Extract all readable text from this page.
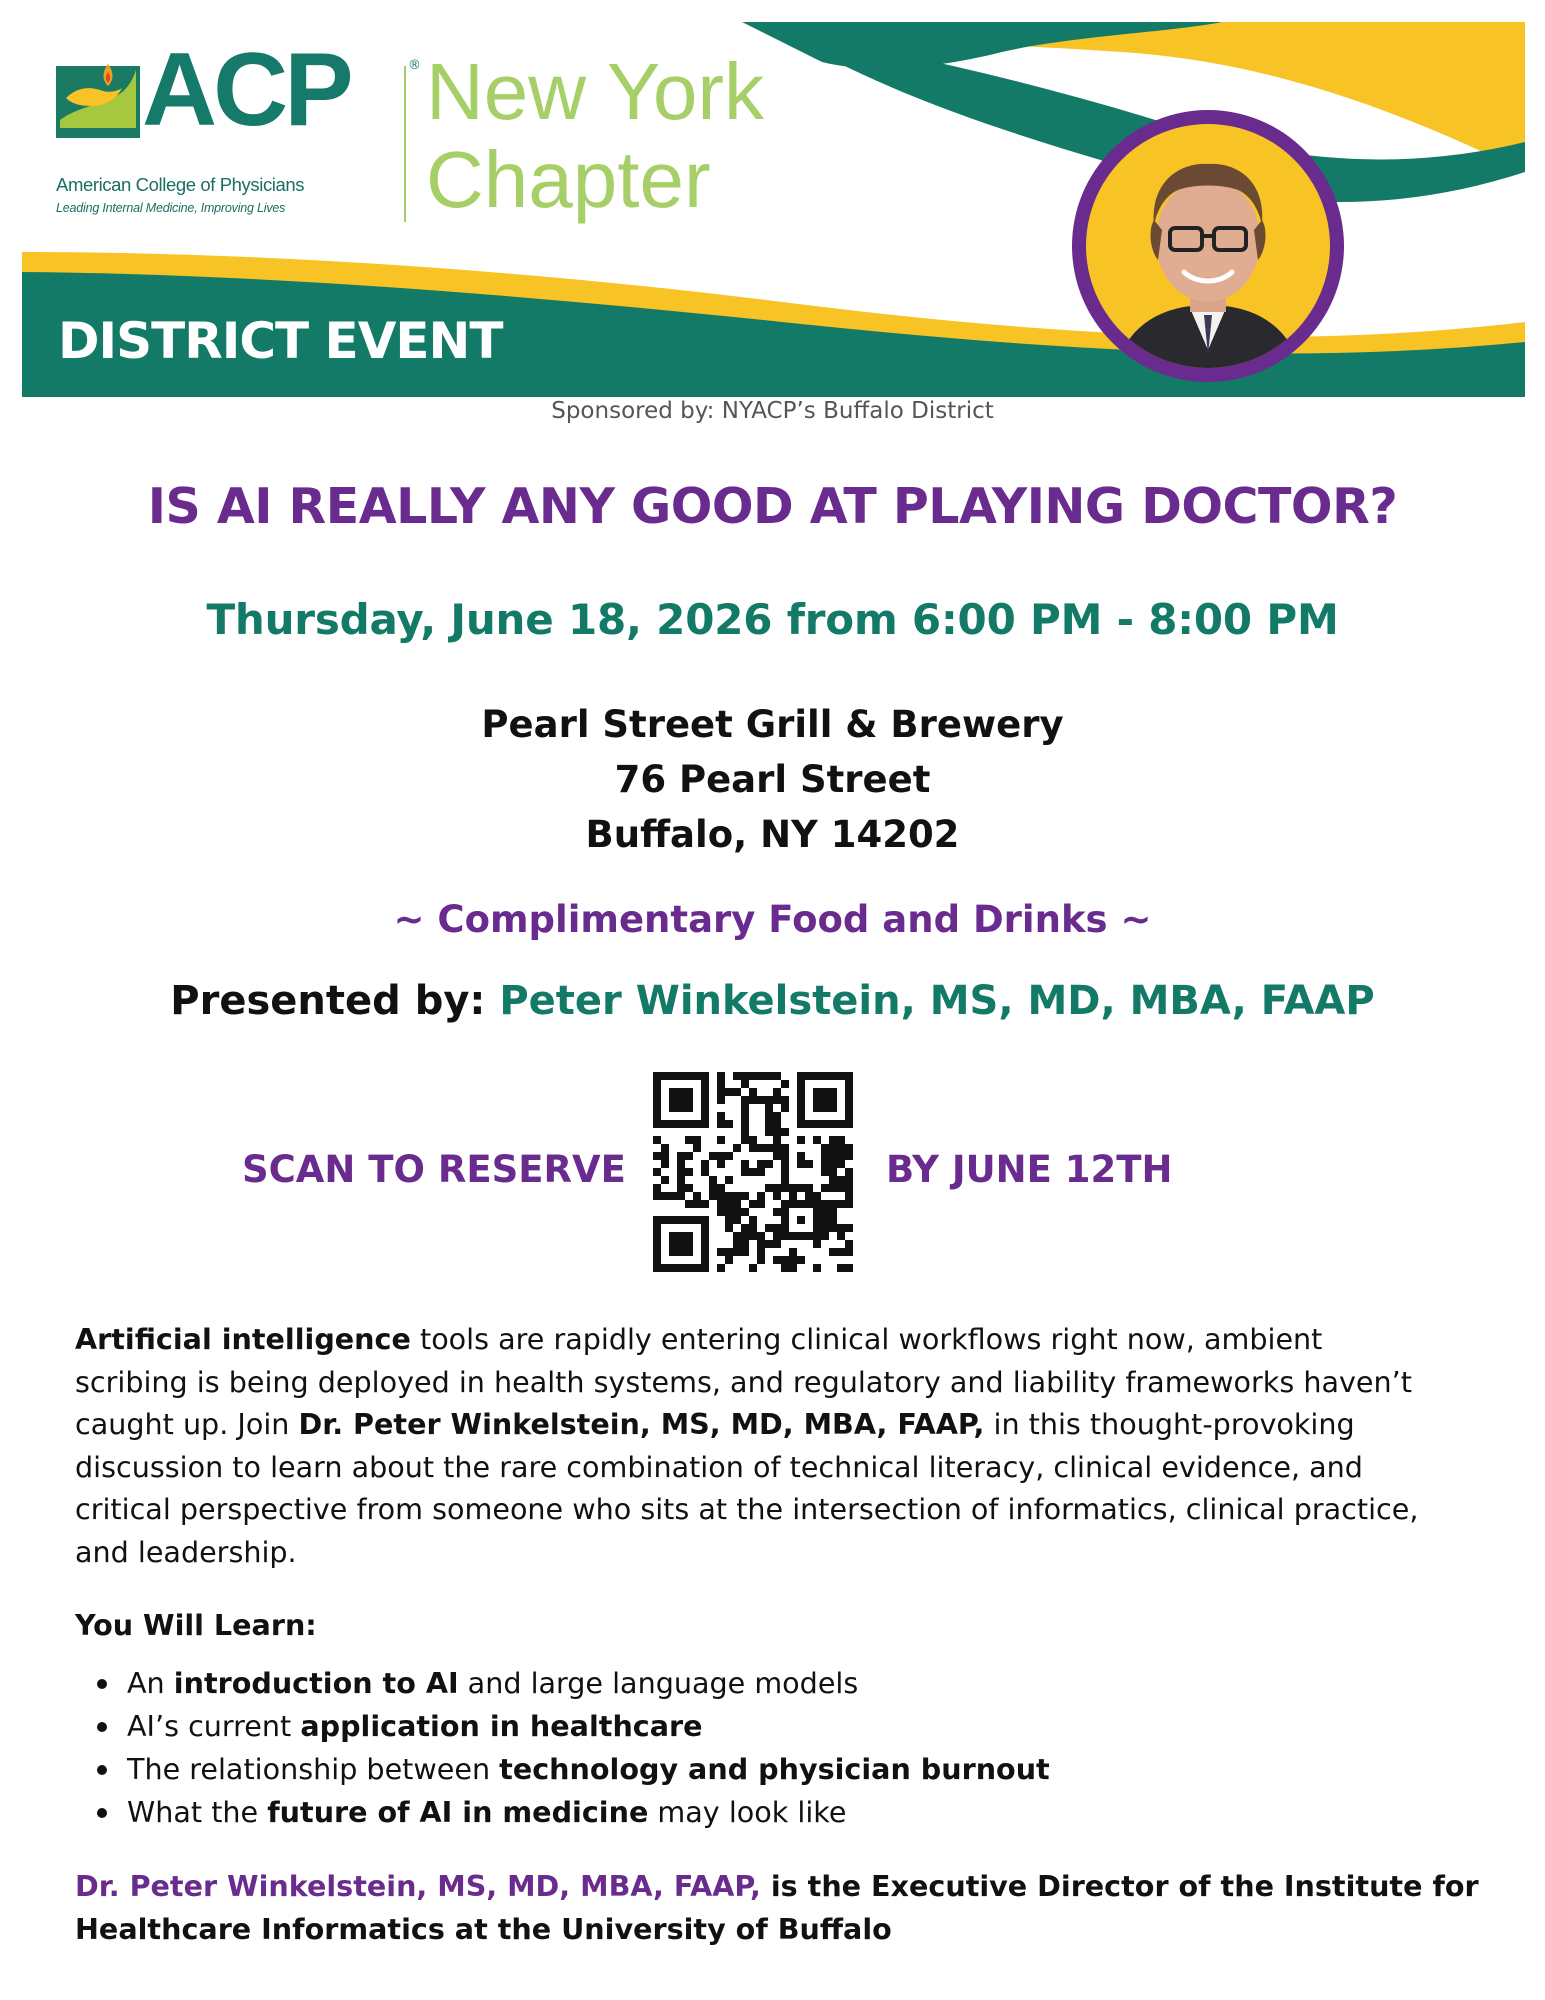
ACP	®
American College of Physicians
Leading Internal Medicine, Improving Lives
New York
Chapter
DISTRICT EVENT
Sponsored by: NYACP’s Buffalo District
IS AI REALLY ANY GOOD AT PLAYING DOCTOR?
Thursday, June 18, 2026 from 6:00 PM - 8:00 PM
Pearl Street Grill & Brewery
76 Pearl Street
Buffalo, NY 14202
~ Complimentary Food and Drinks ~
Presented by: Peter Winkelstein, MS, MD, MBA, FAAP
SCAN TO RESERVE	BY JUNE 12TH
Artificial intelligence tools are rapidly entering clinical workflows right now, ambient
scribing is being deployed in health systems, and regulatory and liability frameworks haven’t
caught up. Join Dr. Peter Winkelstein, MS, MD, MBA, FAAP, in this thought-provoking
discussion to learn about the rare combination of technical literacy, clinical evidence, and
critical perspective from someone who sits at the intersection of informatics, clinical practice,
and leadership.
You Will Learn:
An introduction to AI and large language models
AI’s current application in healthcare
The relationship between technology and physician burnout
What the future of AI in medicine may look like
Dr. Peter Winkelstein, MS, MD, MBA, FAAP, is the Executive Director of the Institute for
Healthcare Informatics at the University of Buffalo
